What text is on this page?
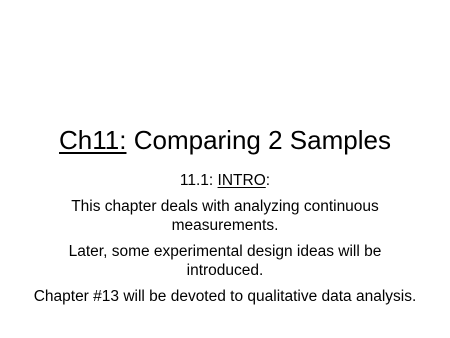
Ch11: Comparing 2 Samples
11.1: INTRO:
This chapter deals with analyzing continuous
measurements.
Later, some experimental design ideas will be
introduced.
Chapter #13 will be devoted to qualitative data analysis.
